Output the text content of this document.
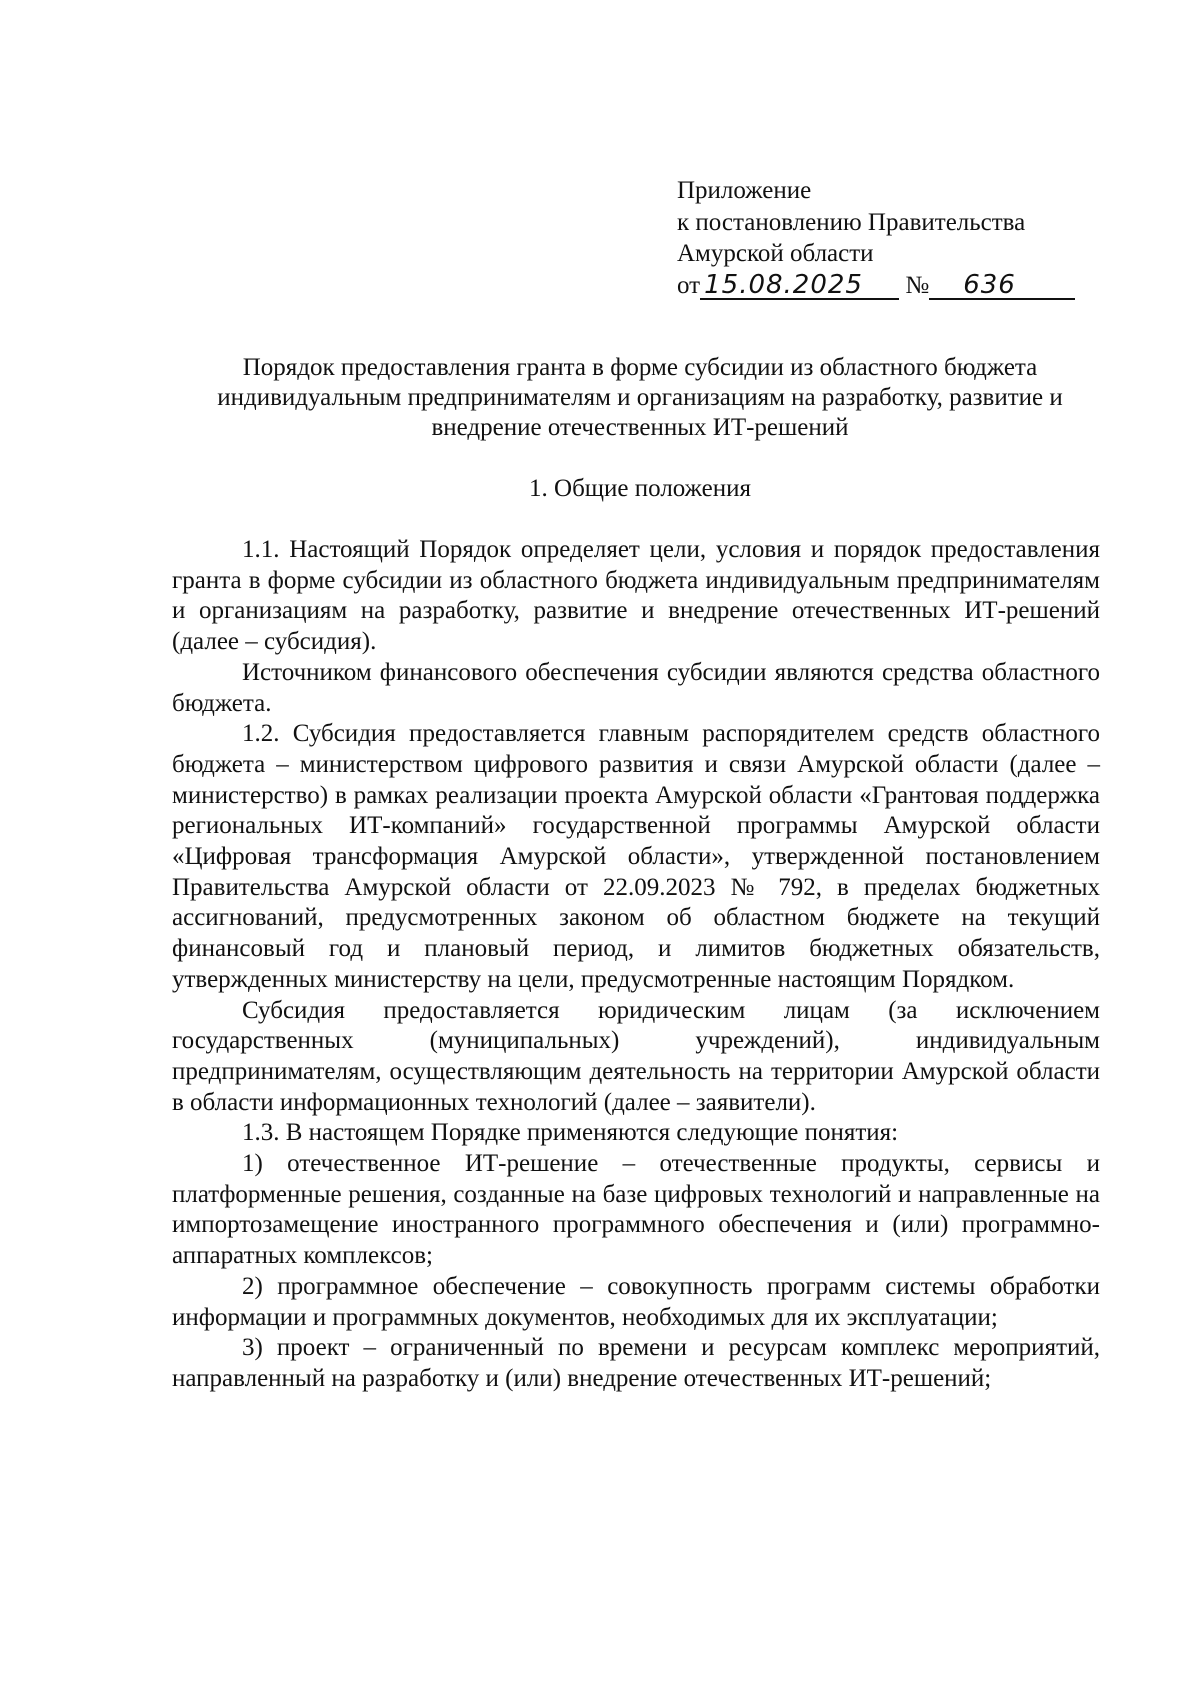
Приложение
к постановлению Правительства
Амурской области
от 15.08.2025 № 636
Порядок предоставления гранта в форме субсидии из областного бюджета индивидуальным предпринимателям и организациям на разработку, развитие и внедрение отечественных ИТ-решений
1. Общие положения

1.1. Настоящий Порядок определяет цели, условия и порядок предоставления гранта в форме субсидии из областного бюджета индивидуальным предпринимателям и организациям на разработку, развитие и внедрение отечественных ИТ-решений (далее – субсидия).

Источником финансового обеспечения субсидии являются средства областного бюджета.

1.2. Субсидия предоставляется главным распорядителем средств областного бюджета – министерством цифрового развития и связи Амурской области (далее – министерство) в рамках реализации проекта Амурской области «Грантовая поддержка региональных ИТ-компаний» государственной программы Амурской области «Цифровая трансформация Амурской области», утвержденной постановлением Правительства Амурской области от 22.09.2023 № 792, в пределах бюджетных ассигнований, предусмотренных законом об областном бюджете на текущий финансовый год и плановый период, и лимитов бюджетных обязательств, утвержденных министерству на цели, предусмотренные настоящим Порядком.

Субсидия предоставляется юридическим лицам (за исключением государственных (муниципальных) учреждений), индивидуальным предпринимателям, осуществляющим деятельность на территории Амурской области в области информационных технологий (далее – заявители).

1.3. В настоящем Порядке применяются следующие понятия:

1) отечественное ИТ-решение – отечественные продукты, сервисы и платформенные решения, созданные на базе цифровых технологий и направленные на импортозамещение иностранного программного обеспечения и (или) программно-аппаратных комплексов;

2) программное обеспечение – совокупность программ системы обработки информации и программных документов, необходимых для их эксплуатации;

3) проект – ограниченный по времени и ресурсам комплекс мероприятий, направленный на разработку и (или) внедрение отечественных ИТ-решений;
